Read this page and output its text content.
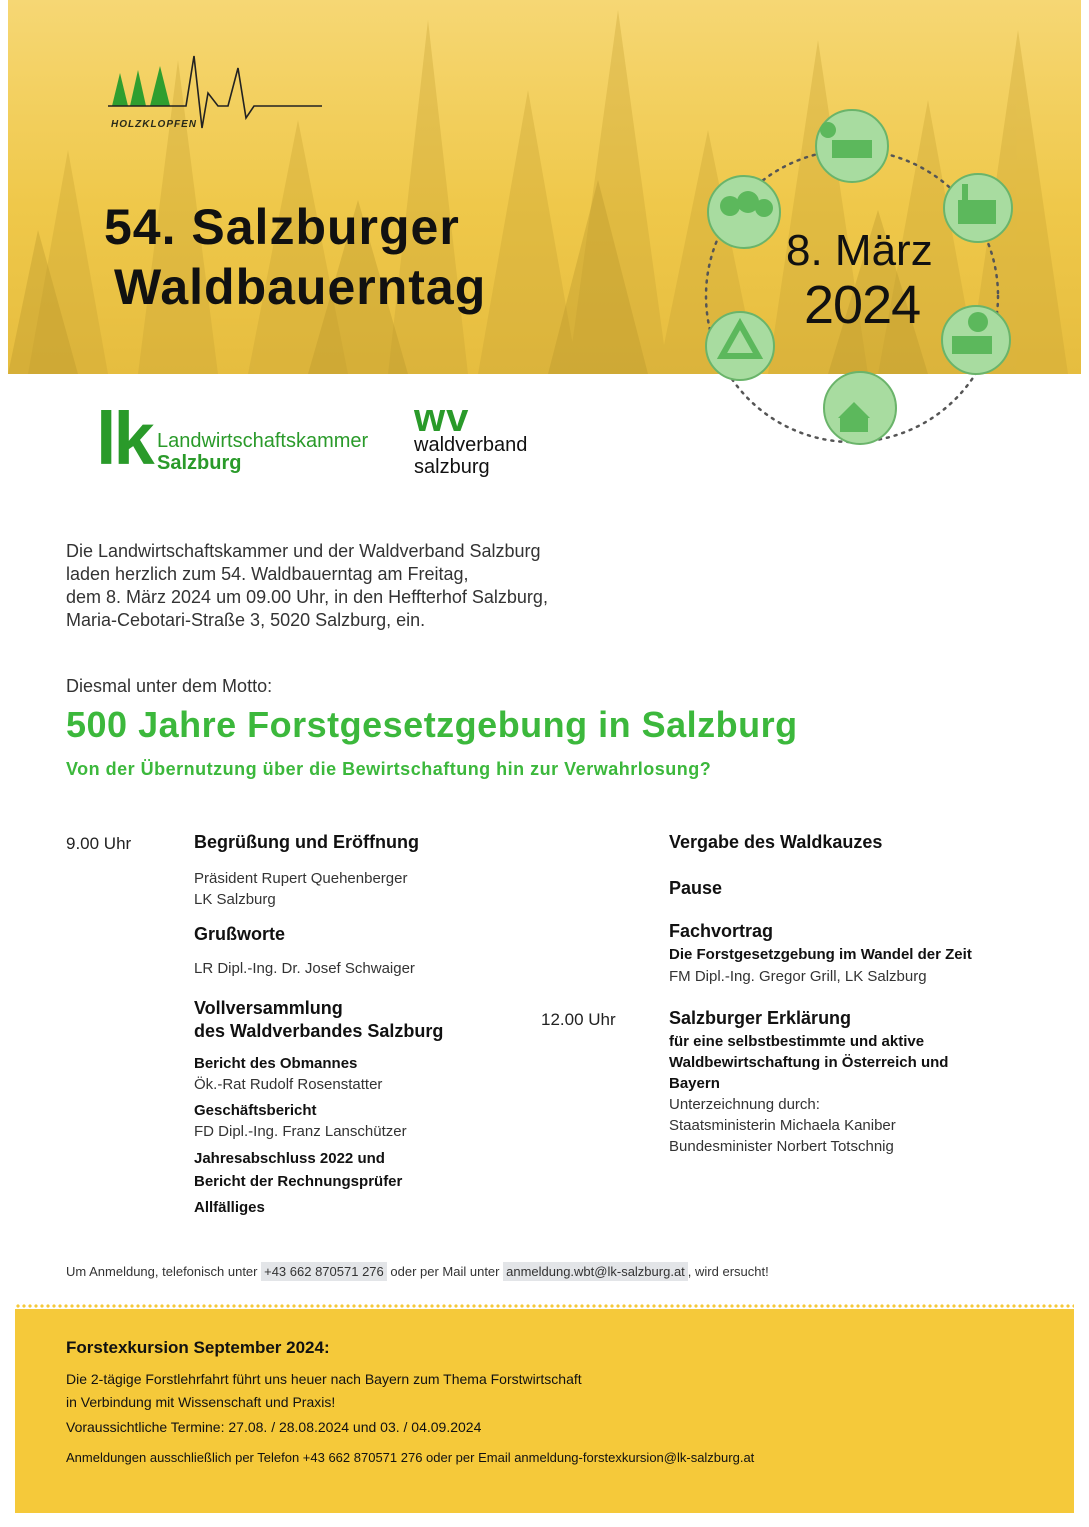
HOLZKLOPFEN
54. Salzburger
Waldbauerntag
8. März
2024
lk Landwirtschaftskammer
Salzburg
wv
waldverband
salzburg
Die Landwirtschaftskammer und der Waldverband Salzburg
laden herzlich zum 54. Waldbauerntag am Freitag,
dem 8. März 2024 um 09.00 Uhr, in den Heffterhof Salzburg,
Maria-Cebotari-Straße 3, 5020 Salzburg, ein.
Diesmal unter dem Motto:
500 Jahre Forstgesetzgebung in Salzburg
Von der Übernutzung über die Bewirtschaftung hin zur Verwahrlosung?
9.00 Uhr	Begrüßung und Eröffnung
Präsident Rupert Quehenberger
LK Salzburg
Grußworte
LR Dipl.-Ing. Dr. Josef Schwaiger
Vollversammlung
des Waldverbandes Salzburg
Bericht des Obmannes
Ök.-Rat Rudolf Rosenstatter
Geschäftsbericht
FD Dipl.-Ing. Franz Lanschützer
Jahresabschluss 2022 und
Bericht der Rechnungsprüfer
Allfälliges
Vergabe des Waldkauzes
Pause
Fachvortrag
Die Forstgesetzgebung im Wandel der Zeit
FM Dipl.-Ing. Gregor Grill, LK Salzburg
12.00 Uhr	Salzburger Erklärung
für eine selbstbestimmte und aktive
Waldbewirtschaftung in Österreich und
Bayern
Unterzeichnung durch:
Staatsministerin Michaela Kaniber
Bundesminister Norbert Totschnig
Um Anmeldung, telefonisch unter +43 662 870571 276 oder per Mail unter anmeldung.wbt@lk-salzburg.at , wird ersucht!
Forstexkursion September 2024:
Die 2-tägige Forstlehrfahrt führt uns heuer nach Bayern zum Thema Forstwirtschaft
in Verbindung mit Wissenschaft und Praxis!
Voraussichtliche Termine: 27.08. / 28.08.2024 und 03. / 04.09.2024
Anmeldungen ausschließlich per Telefon +43 662 870571 276 oder per Email anmeldung-forstexkursion@lk-salzburg.at
